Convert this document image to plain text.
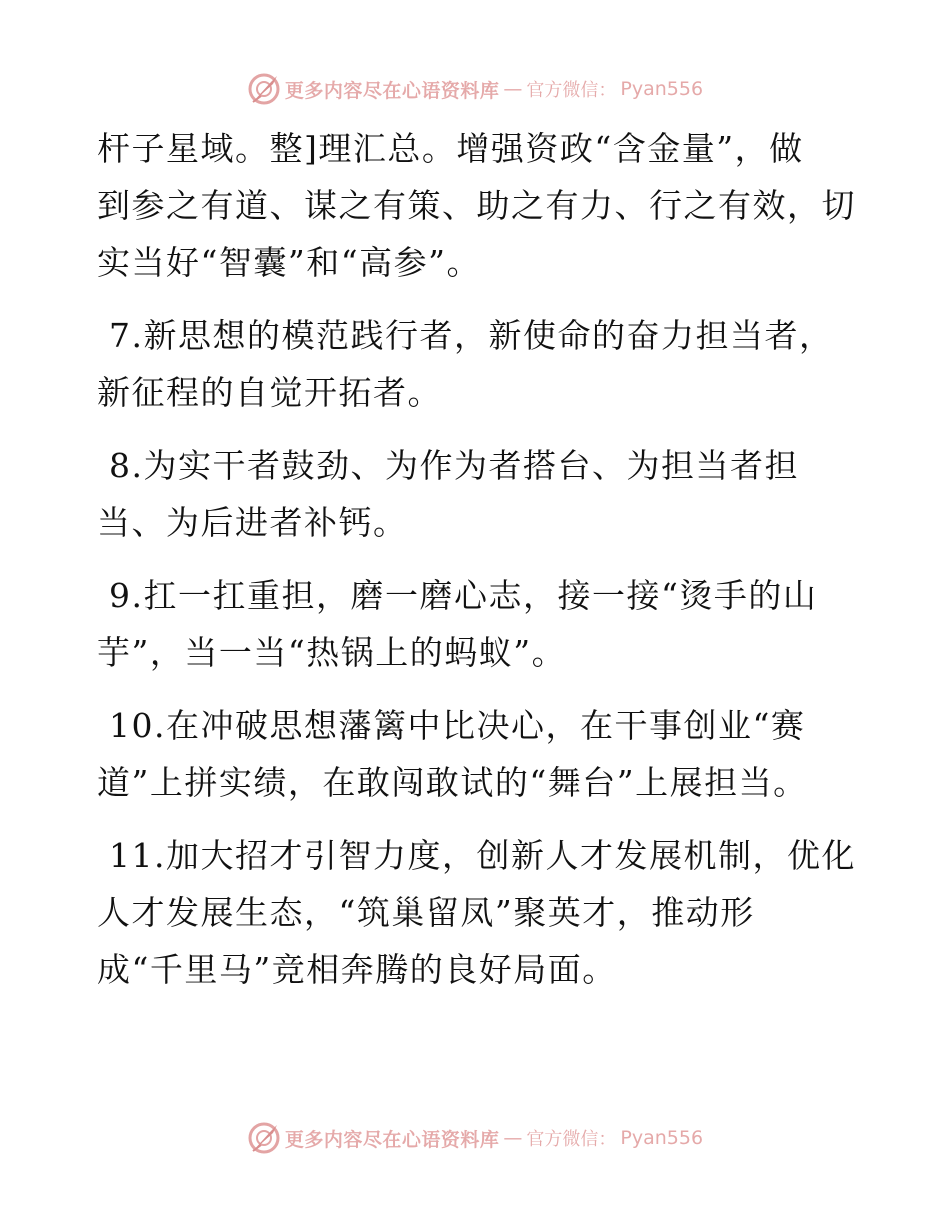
更多内容尽在心语资料库 — 官方微信： Pyan556

杆子星域。整]理汇总。增强资政“含金量”，做
到参之有道、谋之有策、助之有力、行之有效，切
实当好“智囊”和“高参”。

7.新思想的模范践行者，新使命的奋力担当者，
新征程的自觉开拓者。

8.为实干者鼓劲、为作为者搭台、为担当者担
当、为后进者补钙。

9.扛一扛重担，磨一磨心志，接一接“烫手的山
芋”，当一当“热锅上的蚂蚁”。

10.在冲破思想藩篱中比决心，在干事创业“赛
道”上拼实绩，在敢闯敢试的“舞台”上展担当。

11.加大招才引智力度，创新人才发展机制，优化
人才发展生态，“筑巢留凤”聚英才，推动形
成“千里马”竞相奔腾的良好局面。

更多内容尽在心语资料库 — 官方微信： Pyan556
